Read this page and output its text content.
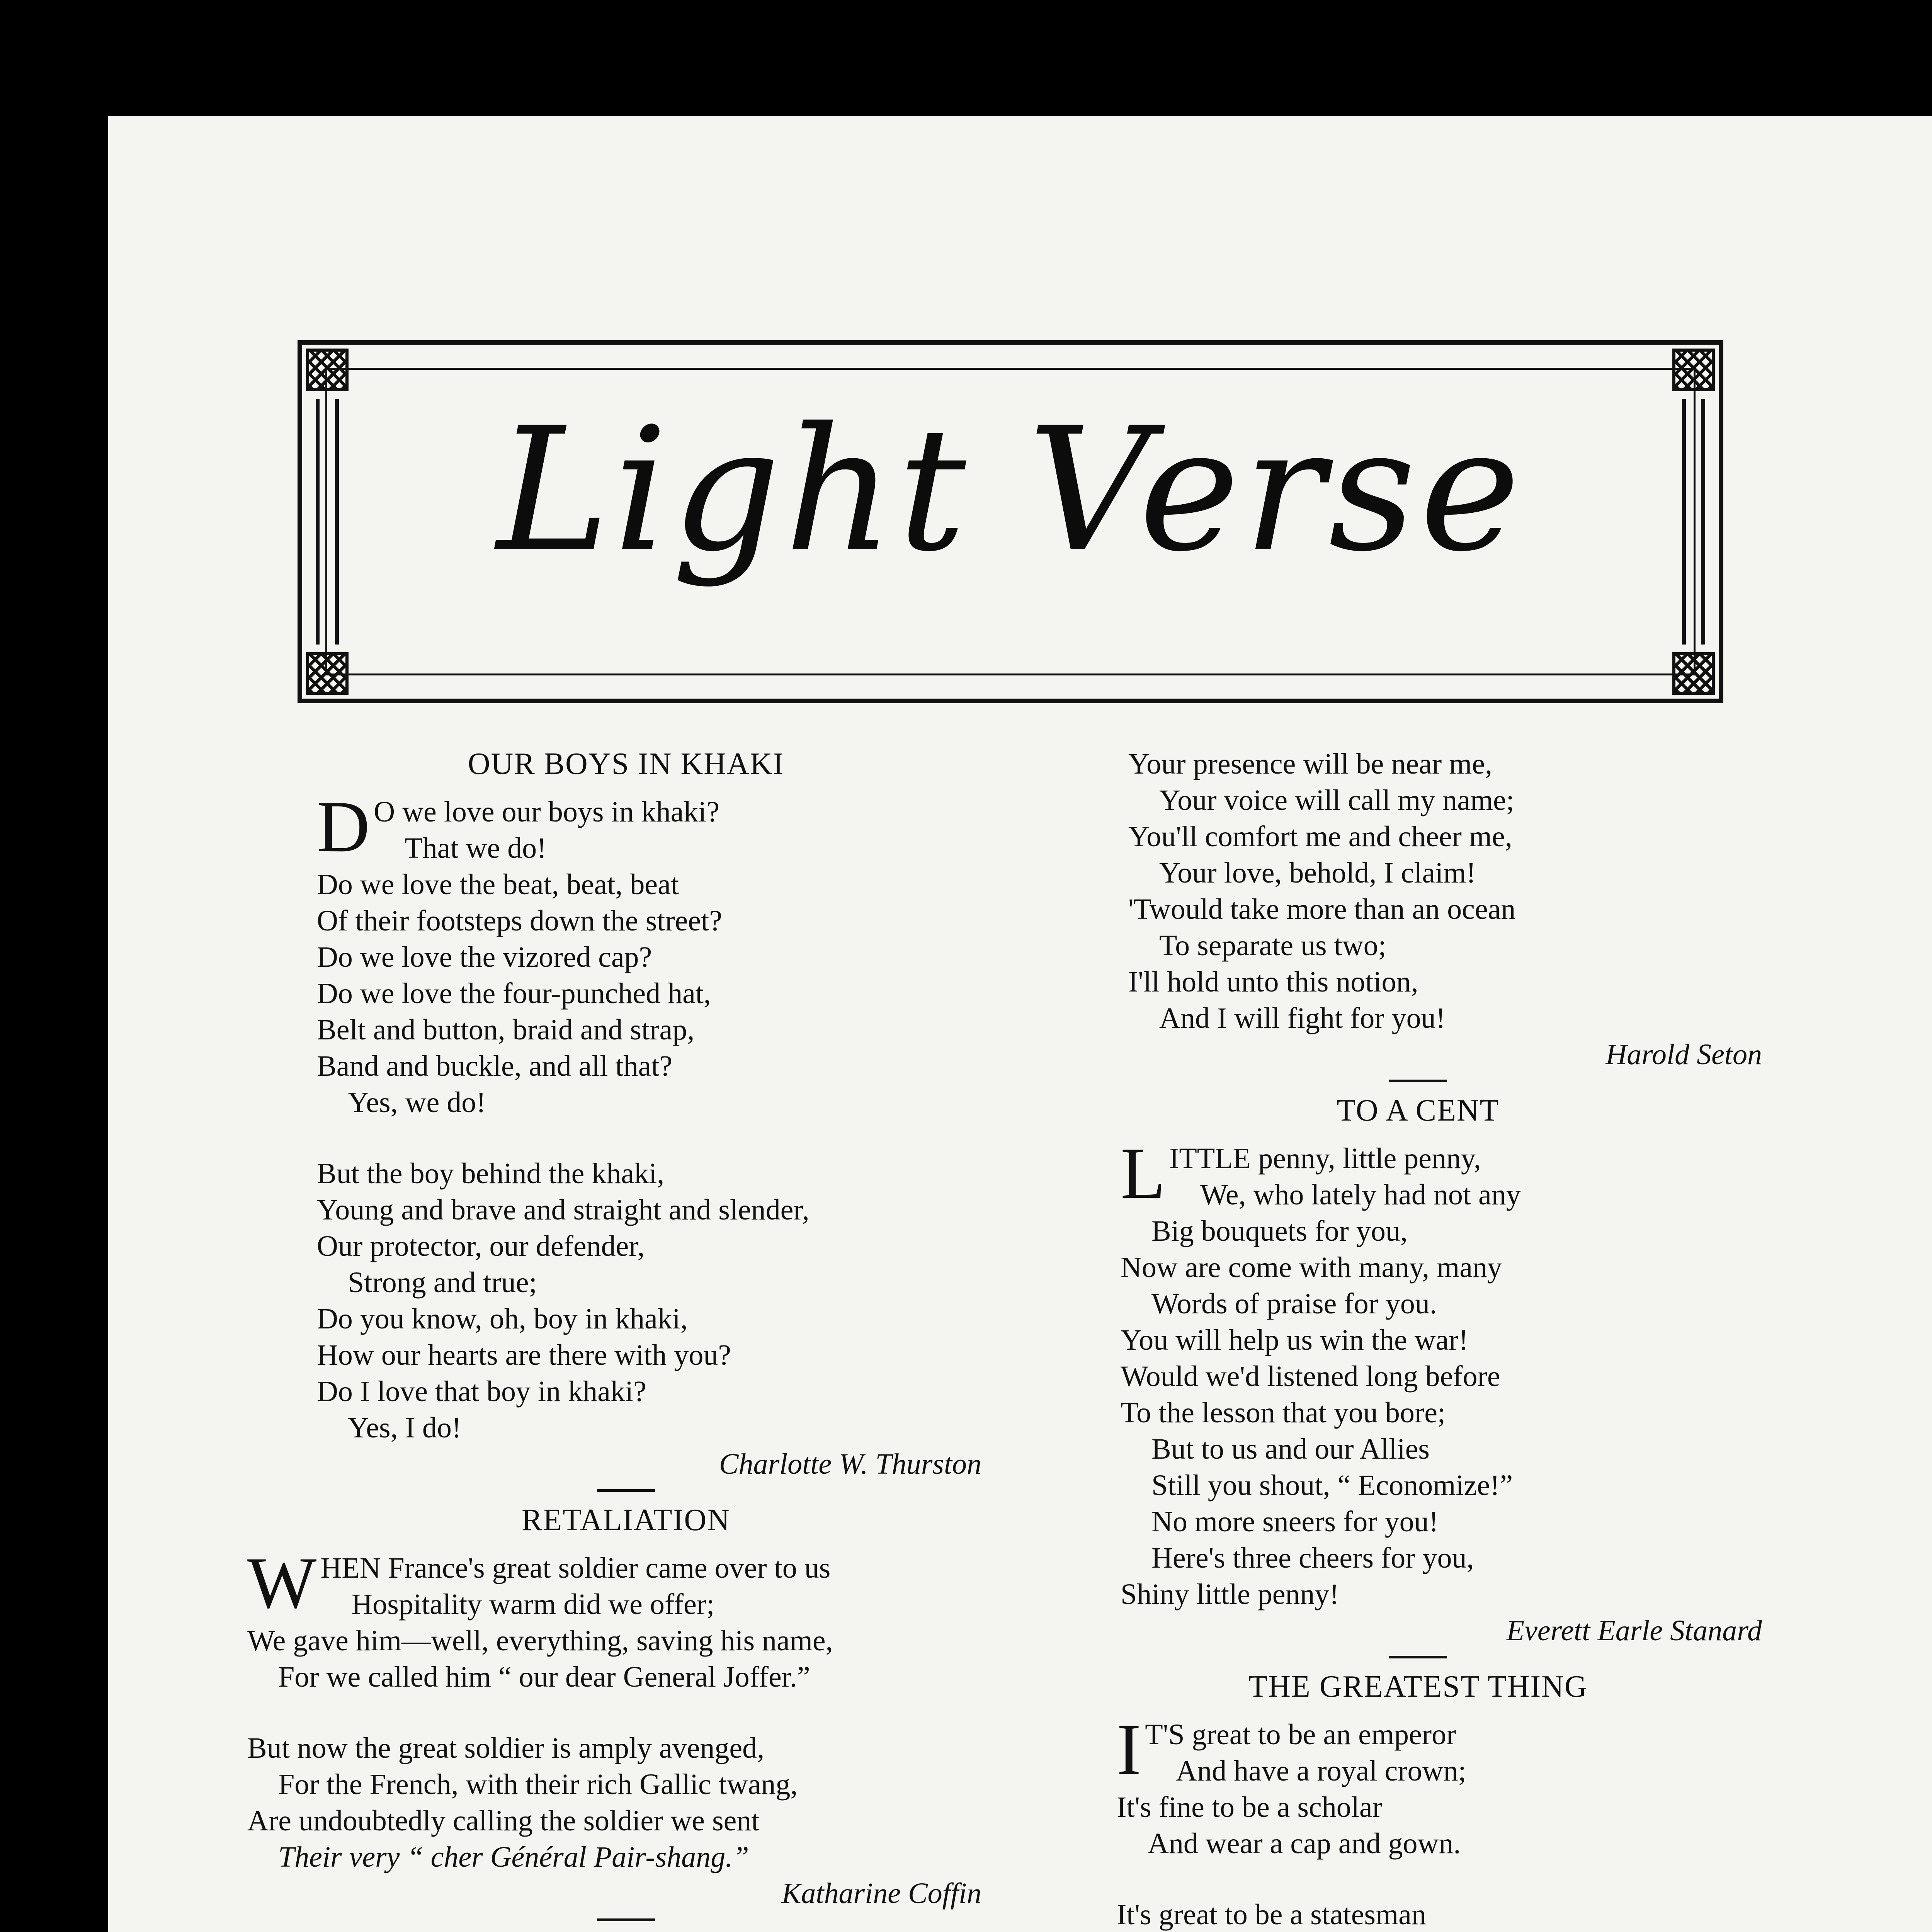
Light Verse
OUR BOYS IN KHAKI
D O we love our boys in khaki?
That we do!
Do we love the beat, beat, beat
Of their footsteps down the street?
Do we love the vizored cap?
Do we love the four-punched hat,
Belt and button, braid and strap,
Band and buckle, and all that?
Yes, we do!
But the boy behind the khaki,
Young and brave and straight and slender,
Our protector, our defender,
Strong and true;
Do you know, oh, boy in khaki,
How our hearts are there with you?
Do I love that boy in khaki?
Yes, I do!
Charlotte W. Thurston
RETALIATION
W HEN France's great soldier came over to us
Hospitality warm did we offer;
We gave him—well, everything, saving his name,
For we called him “ our dear General Joffer.”
But now the great soldier is amply avenged,
For the French, with their rich Gallic twang,
Are undoubtedly calling the soldier we sent
Their very “ cher Général Pair-shang.”
Katharine Coffin
Your presence will be near me,
Your voice will call my name;
You'll comfort me and cheer me,
Your love, behold, I claim!
'Twould take more than an ocean
To separate us two;
I'll hold unto this notion,
And I will fight for you!
Harold Seton
TO A CENT
L ITTLE penny, little penny,
We, who lately had not any
Big bouquets for you,
Now are come with many, many
Words of praise for you.
You will help us win the war!
Would we'd listened long before
To the lesson that you bore;
But to us and our Allies
Still you shout, “ Economize!”
No more sneers for you!
Here's three cheers for you,
Shiny little penny!
Everett Earle Stanard
THE GREATEST THING
I T'S great to be an emperor
And have a royal crown;
It's fine to be a scholar
And wear a cap and gown.
It's great to be a statesman
